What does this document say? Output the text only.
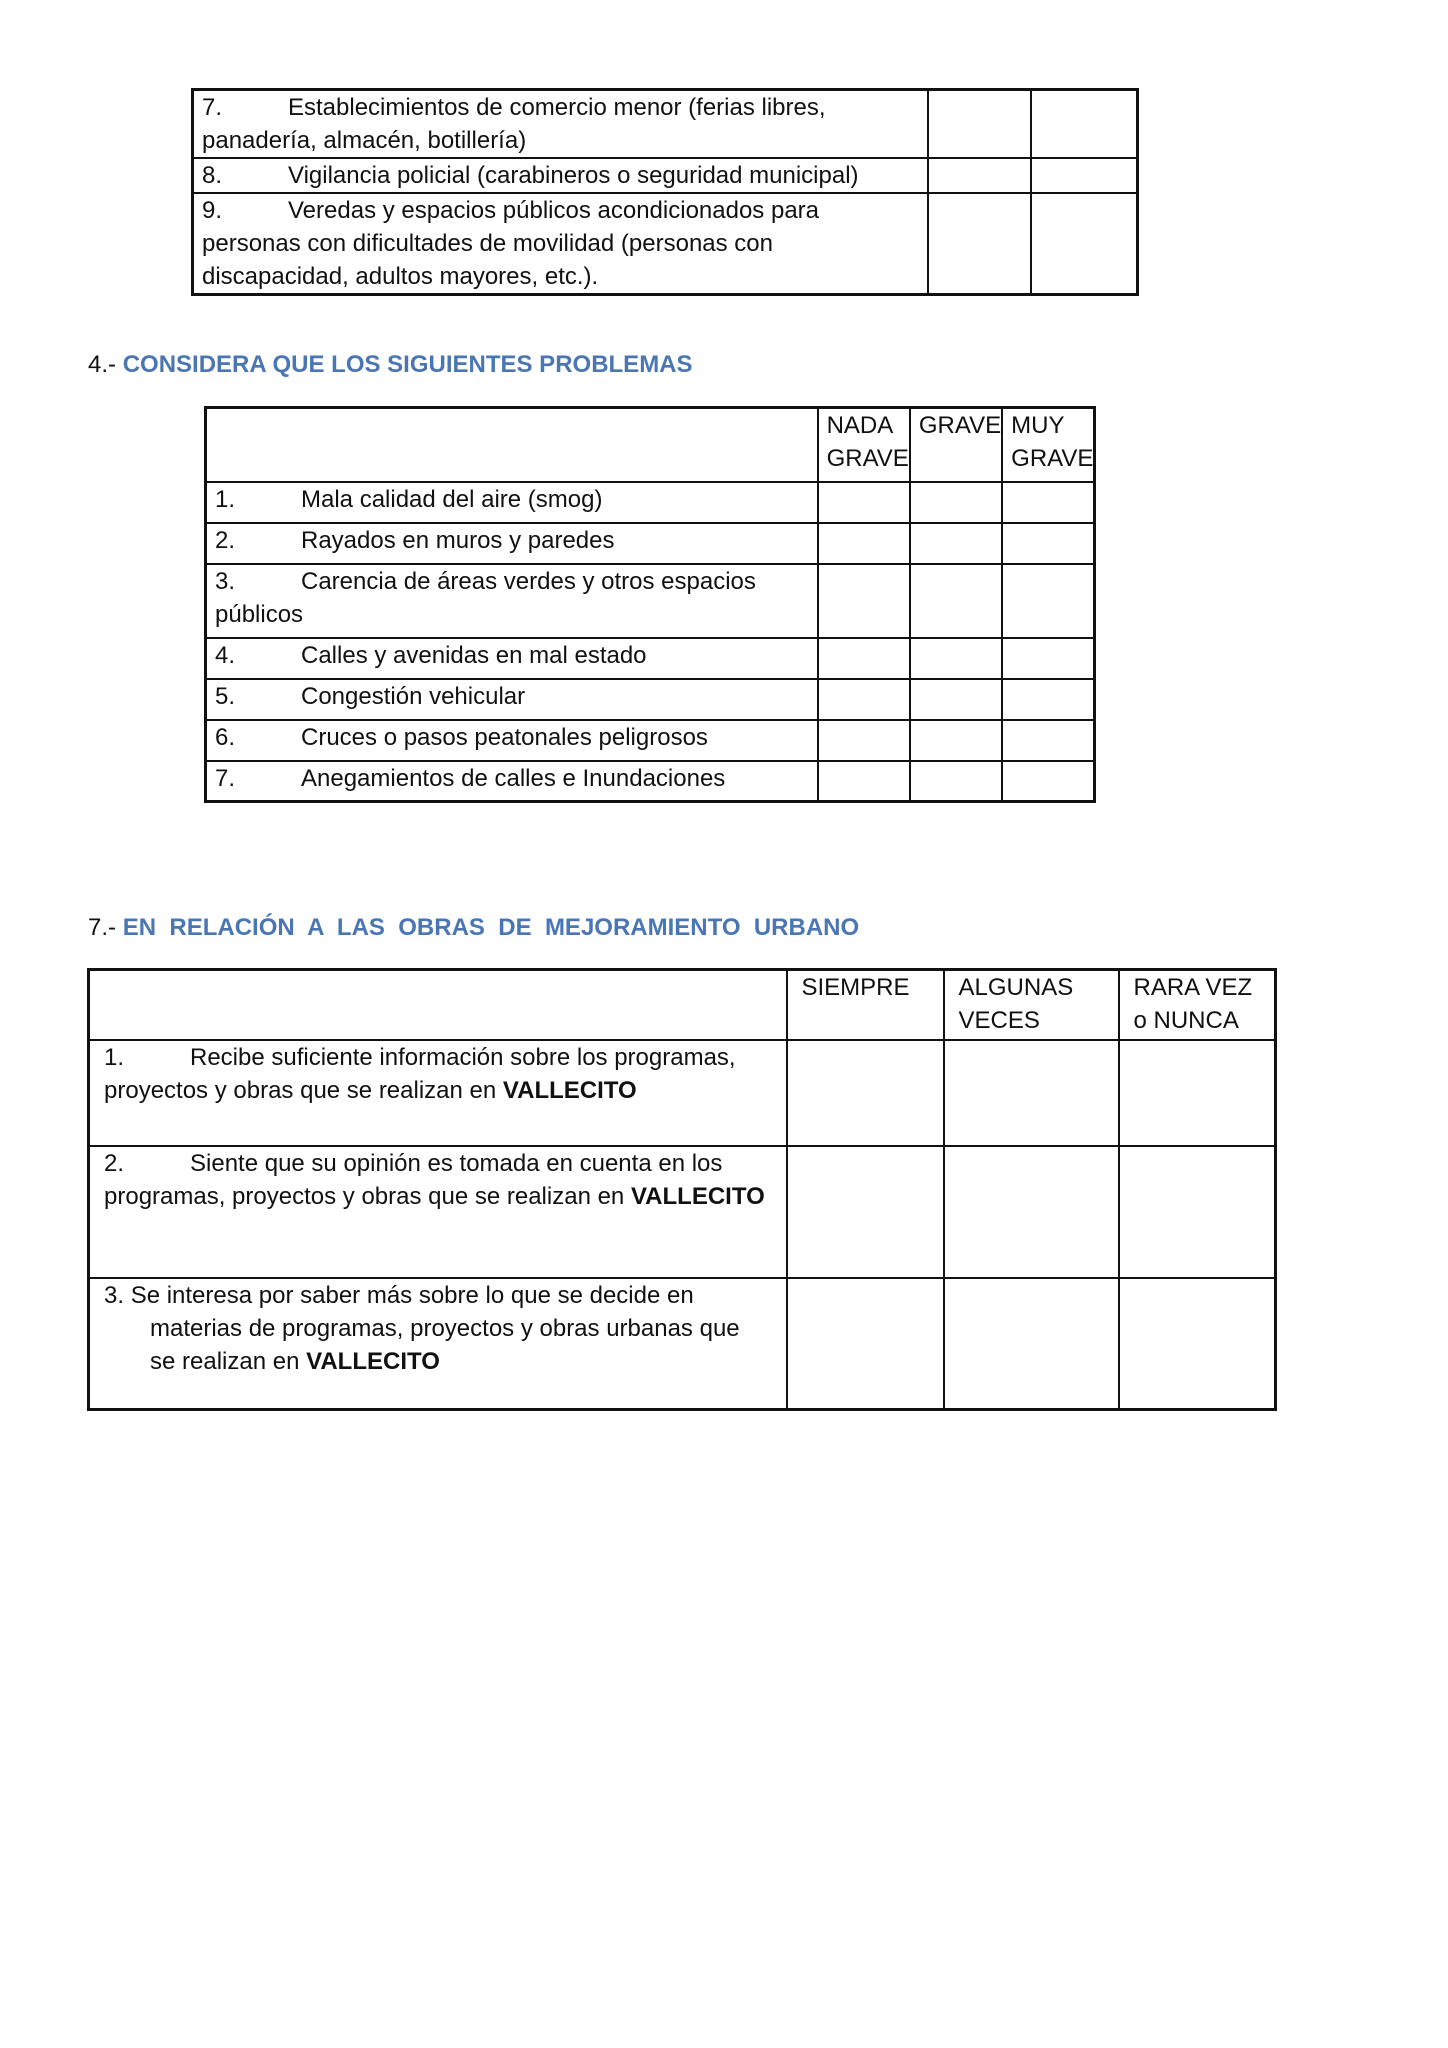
7. Establecimientos de comercio menor (ferias libres, panadería, almacén, botillería)		
8. Vigilancia policial (carabineros o seguridad municipal)		
9. Veredas y espacios públicos acondicionados para personas con dificultades de movilidad (personas con discapacidad, adultos mayores, etc.).		
4.- CONSIDERA QUE LOS SIGUIENTES PROBLEMAS
	NADA GRAVE	GRAVE	MUY GRAVE
1. Mala calidad del aire (smog)			
2. Rayados en muros y paredes			
3. Carencia de áreas verdes y otros espacios públicos			
4. Calles y avenidas en mal estado			
5. Congestión vehicular			
6. Cruces o pasos peatonales peligrosos			
7. Anegamientos de calles e Inundaciones			
7.- EN  RELACIÓN  A  LAS  OBRAS  DE  MEJORAMIENTO  URBANO
	SIEMPRE	ALGUNAS VECES	RARA VEZ o NUNCA
1. Recibe suficiente información sobre los programas, proyectos y obras que se realizan en VALLECITO			
2. Siente que su opinión es tomada en cuenta en los programas, proyectos y obras que se realizan en VALLECITO			

3. Se interesa por saber más sobre lo que se decide en materias de programas, proyectos y obras urbanas que se realizan en VALLECITO			
